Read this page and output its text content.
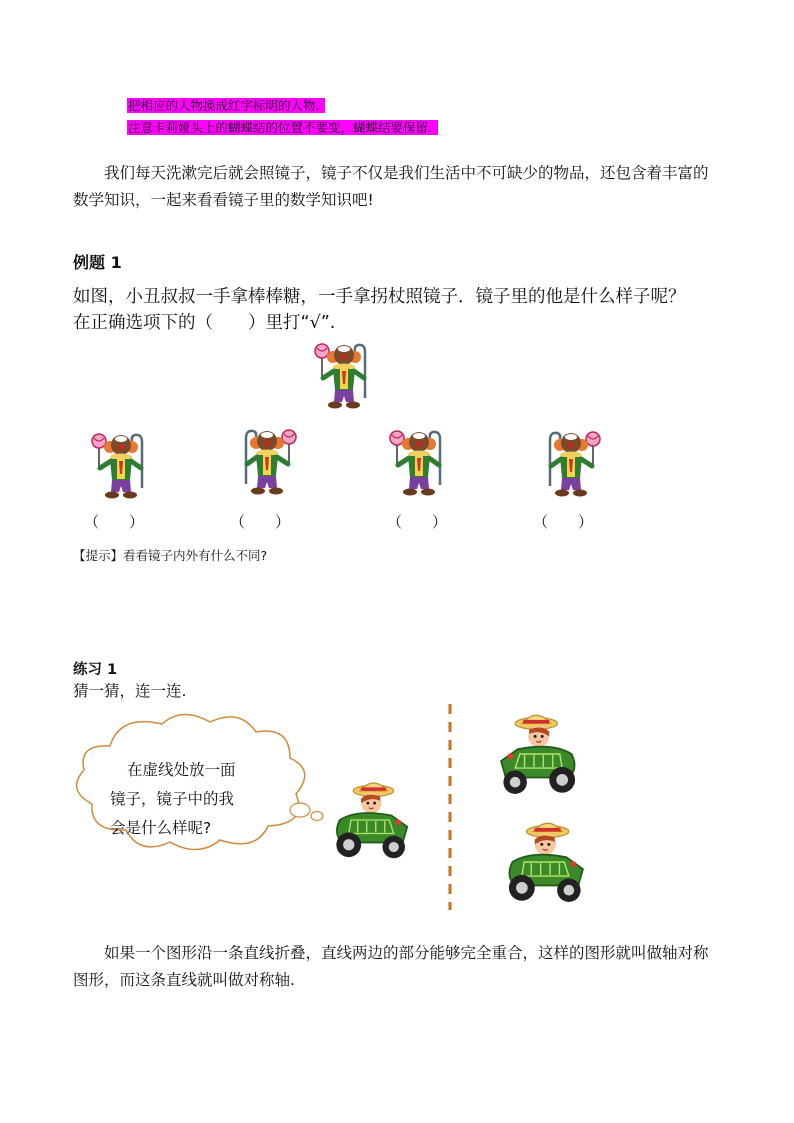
把相应的人物换成红字标明的人物.
注意卡莉娅头上的蝴蝶结的位置不要变，蝴蝶结要保留.
我们每天洗漱完后就会照镜子，镜子不仅是我们生活中不可缺少的物品，还包含着丰富的
数学知识，一起来看看镜子里的数学知识吧!
例题 1
如图，小丑叔叔一手拿棒棒糖，一手拿拐杖照镜子．镜子里的他是什么样子呢？
在正确选项下的（　　）里打“√”.
（　　）	（　　）	（　　）	（　　）
【提示】看看镜子内外有什么不同?
练习 1
猜一猜，连一连.
在虚线处放一面
镜子，镜子中的我
会是什么样呢?
如果一个图形沿一条直线折叠，直线两边的部分能够完全重合，这样的图形就叫做轴对称
图形，而这条直线就叫做对称轴.
